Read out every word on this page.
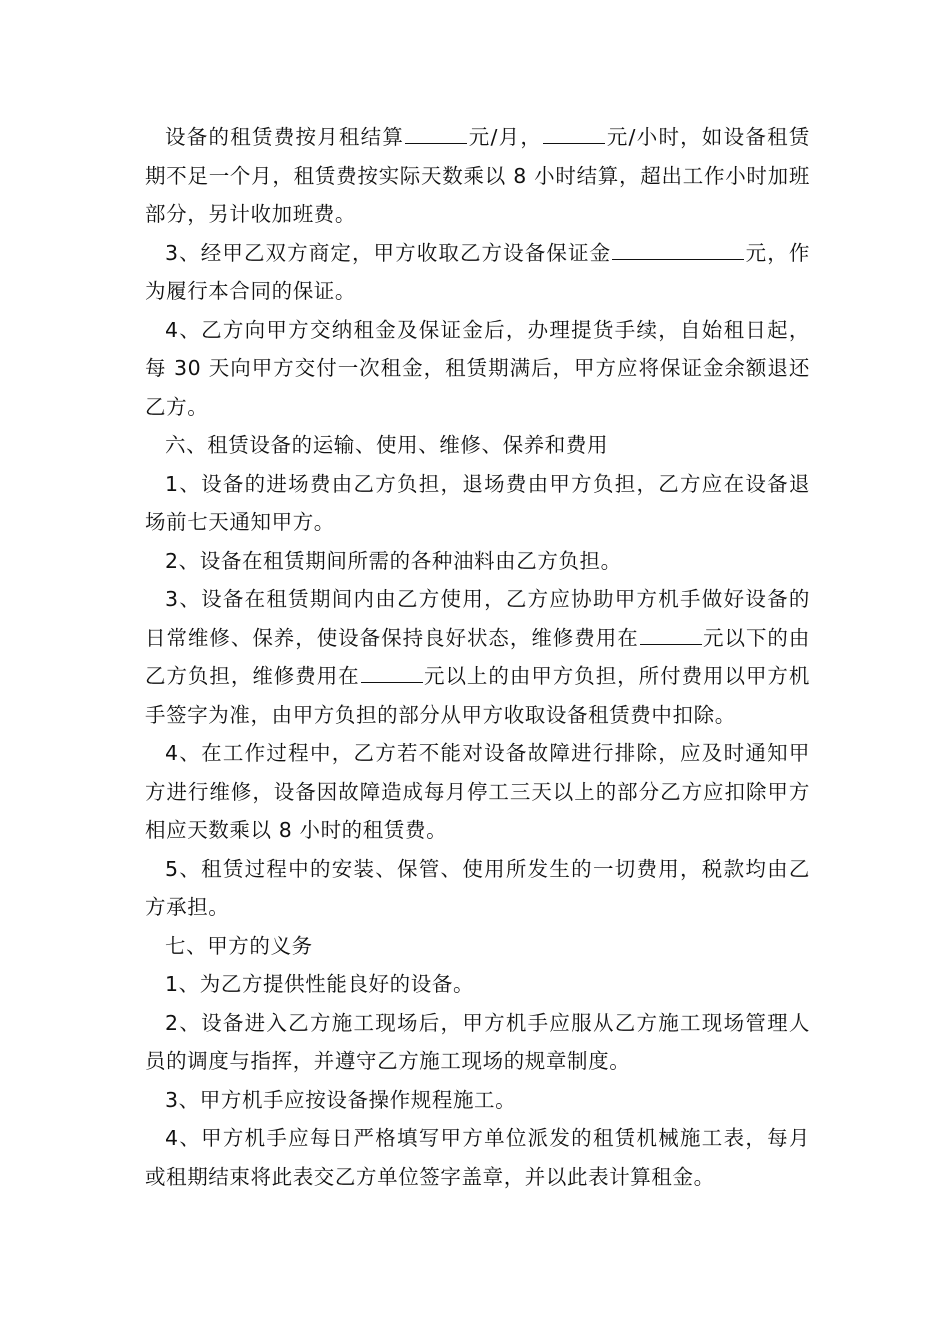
设备的租赁费按月租结算	元/月，	元/小时，如设备租赁期不足一个月，租赁费按实际天数乘以 8 小时结算，超出工作小时加班部分，另计收加班费。

3、经甲乙双方商定，甲方收取乙方设备保证金	元，作为履行本合同的保证。

4、乙方向甲方交纳租金及保证金后，办理提货手续，自始租日起，每 30 天向甲方交付一次租金，租赁期满后，甲方应将保证金余额退还乙方。

六、租赁设备的运输、使用、维修、保养和费用

1、设备的进场费由乙方负担，退场费由甲方负担，乙方应在设备退场前七天通知甲方。

2、设备在租赁期间所需的各种油料由乙方负担。

3、设备在租赁期间内由乙方使用，乙方应协助甲方机手做好设备的日常维修、保养，使设备保持良好状态，维修费用在	元以下的由乙方负担，维修费用在	元以上的由甲方负担，所付费用以甲方机手签字为准，由甲方负担的部分从甲方收取设备租赁费中扣除。

4、在工作过程中，乙方若不能对设备故障进行排除，应及时通知甲方进行维修，设备因故障造成每月停工三天以上的部分乙方应扣除甲方相应天数乘以 8 小时的租赁费。

5、租赁过程中的安装、保管、使用所发生的一切费用，税款均由乙方承担。

七、甲方的义务

1、为乙方提供性能良好的设备。

2、设备进入乙方施工现场后，甲方机手应服从乙方施工现场管理人员的调度与指挥，并遵守乙方施工现场的规章制度。

3、甲方机手应按设备操作规程施工。

4、甲方机手应每日严格填写甲方单位派发的租赁机械施工表，每月或租期结束将此表交乙方单位签字盖章，并以此表计算租金。
